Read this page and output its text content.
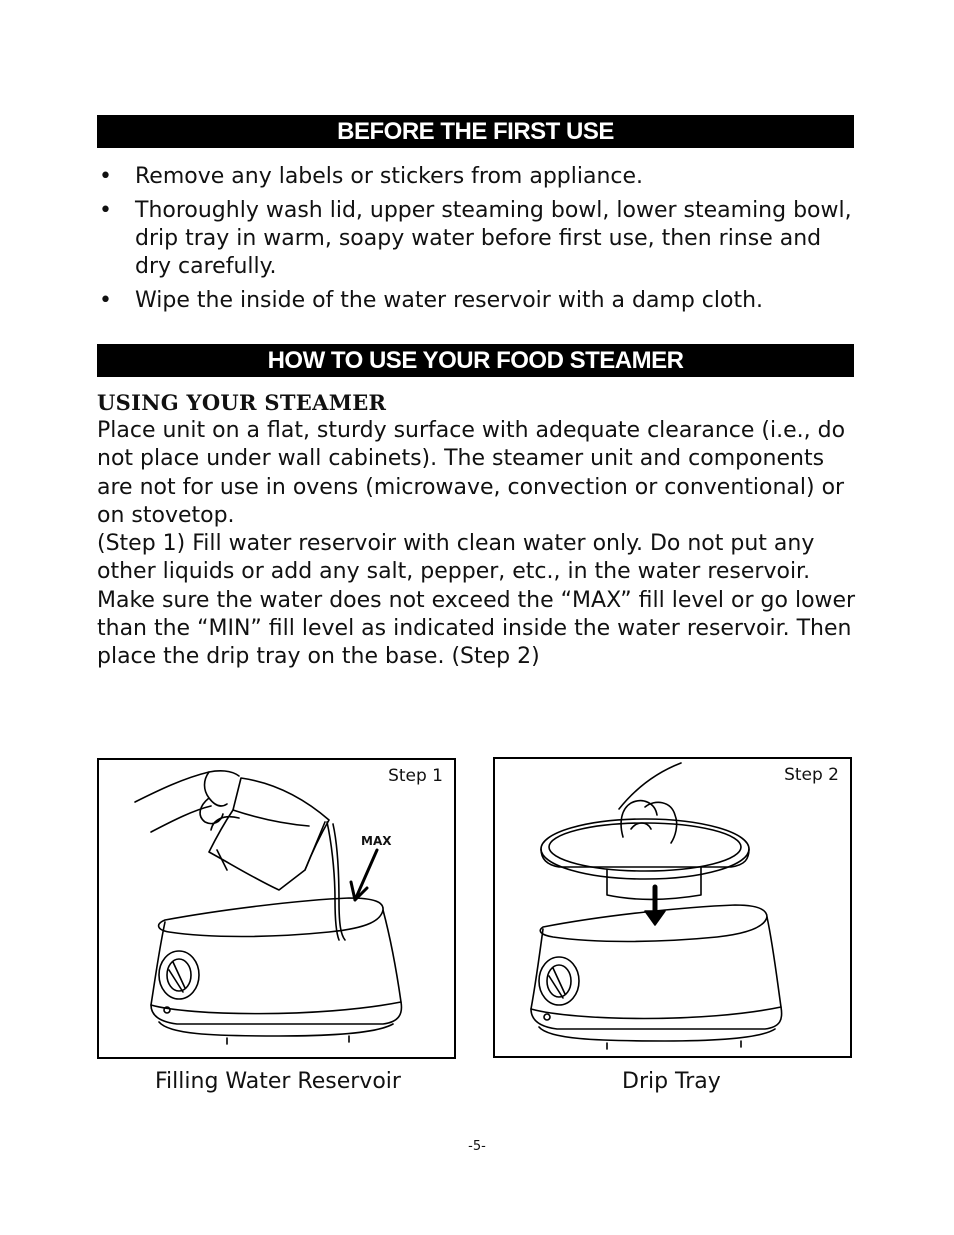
BEFORE THE FIRST USE
• Remove any labels or stickers from appliance.
• Thoroughly wash lid, upper steaming bowl, lower steaming bowl, drip tray in warm, soapy water before first use, then rinse and dry carefully.
• Wipe the inside of the water reservoir with a damp cloth.
HOW TO USE YOUR FOOD STEAMER
USING YOUR STEAMER

Place unit on a flat, sturdy surface with adequate clearance (i.e., do not place under wall cabinets). The steamer unit and components are not for use in ovens (microwave, convection or conventional) or on stovetop.

(Step 1) Fill water reservoir with clean water only. Do not put any other liquids or add any salt, pepper, etc., in the water reservoir. Make sure the water does not exceed the “MAX” fill level or go lower than the “MIN” fill level as indicated inside the water reservoir. Then place the drip tray on the base. (Step 2)

Step 1
MAX
Step 2
Filling Water Reservoir	Drip Tray
-5-
